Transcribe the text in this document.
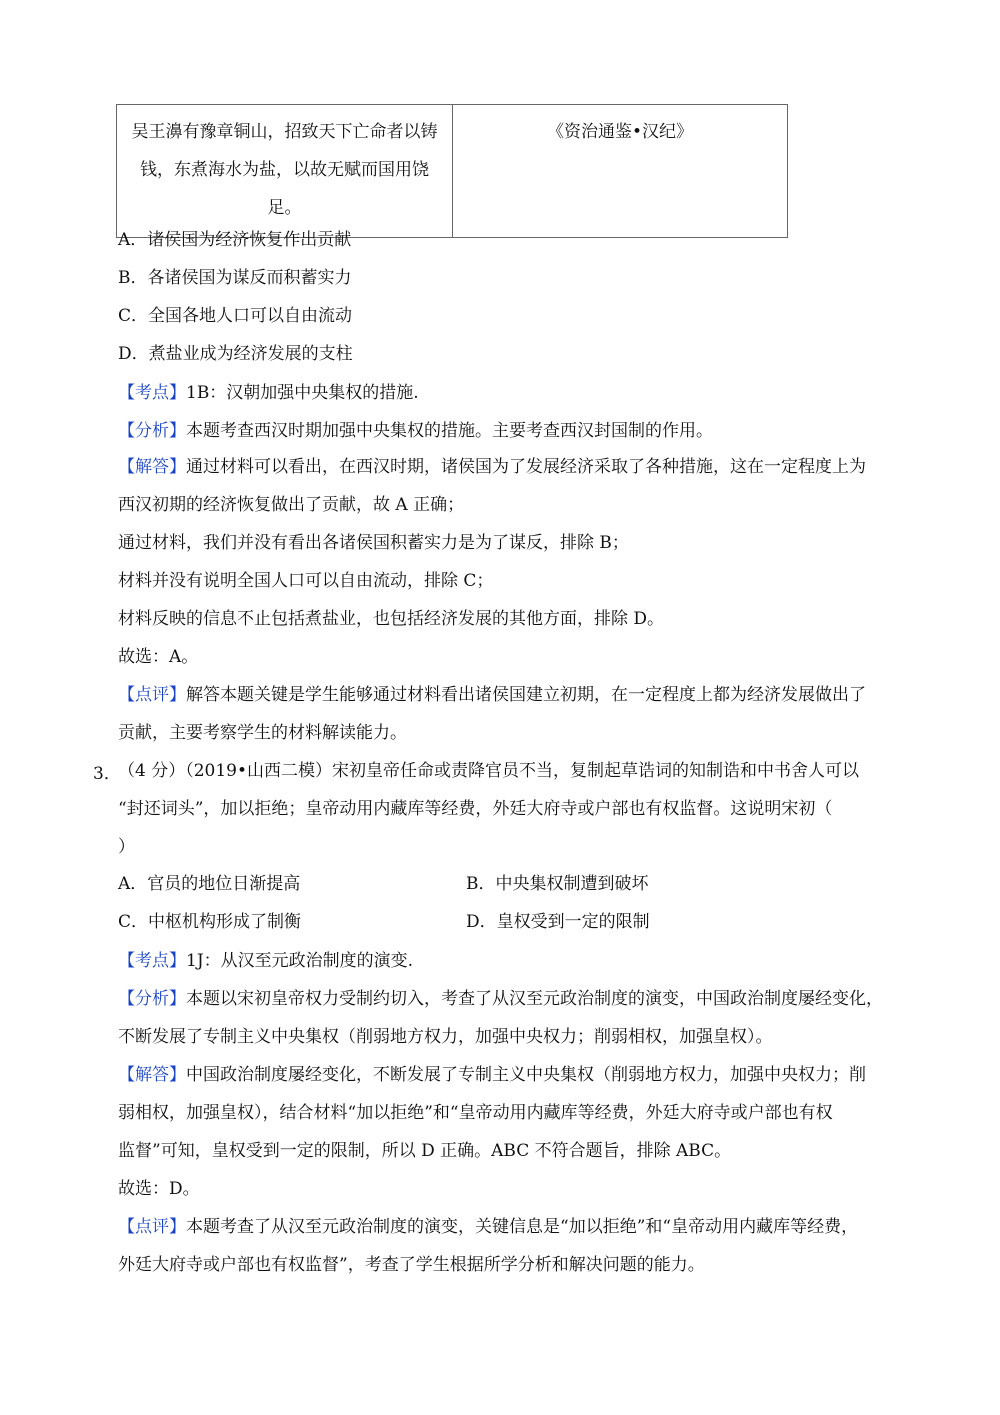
吴王濞有豫章铜山，招致天下亡命者以铸
钱，东煮海水为盐，以故无赋而国用饶
足。	《资治通鉴•汉纪》
A．诸侯国为经济恢复作出贡献
B．各诸侯国为谋反而积蓄实力
C．全国各地人口可以自由流动
D．煮盐业成为经济发展的支柱
【考点】1B：汉朝加强中央集权的措施.
【分析】本题考查西汉时期加强中央集权的措施。主要考查西汉封国制的作用。
【解答】通过材料可以看出，在西汉时期，诸侯国为了发展经济采取了各种措施，这在一定程度上为
西汉初期的经济恢复做出了贡献，故 A 正确；
通过材料，我们并没有看出各诸侯国积蓄实力是为了谋反，排除 B；
材料并没有说明全国人口可以自由流动，排除 C；
材料反映的信息不止包括煮盐业，也包括经济发展的其他方面，排除 D。
故选：A。
【点评】解答本题关键是学生能够通过材料看出诸侯国建立初期，在一定程度上都为经济发展做出了
贡献，主要考察学生的材料解读能力。
3．
（4 分）（2019•山西二模）宋初皇帝任命或责降官员不当，复制起草诰词的知制诰和中书舍人可以
“封还词头”，加以拒绝；皇帝动用内藏库等经费，外廷大府寺或户部也有权监督。这说明宋初（
）
A．官员的地位日渐提高	B．中央集权制遭到破坏
C．中枢机构形成了制衡	D．皇权受到一定的限制
【考点】1J：从汉至元政治制度的演变.
【分析】本题以宋初皇帝权力受制约切入，考查了从汉至元政治制度的演变，中国政治制度屡经变化，
不断发展了专制主义中央集权（削弱地方权力，加强中央权力；削弱相权，加强皇权）。
【解答】中国政治制度屡经变化，不断发展了专制主义中央集权（削弱地方权力，加强中央权力；削
弱相权，加强皇权），结合材料“加以拒绝”和“皇帝动用内藏库等经费，外廷大府寺或户部也有权
监督”可知，皇权受到一定的限制，所以 D 正确。ABC 不符合题旨，排除 ABC。
故选：D。
【点评】本题考查了从汉至元政治制度的演变，关键信息是“加以拒绝”和“皇帝动用内藏库等经费，
外廷大府寺或户部也有权监督”，考查了学生根据所学分析和解决问题的能力。
